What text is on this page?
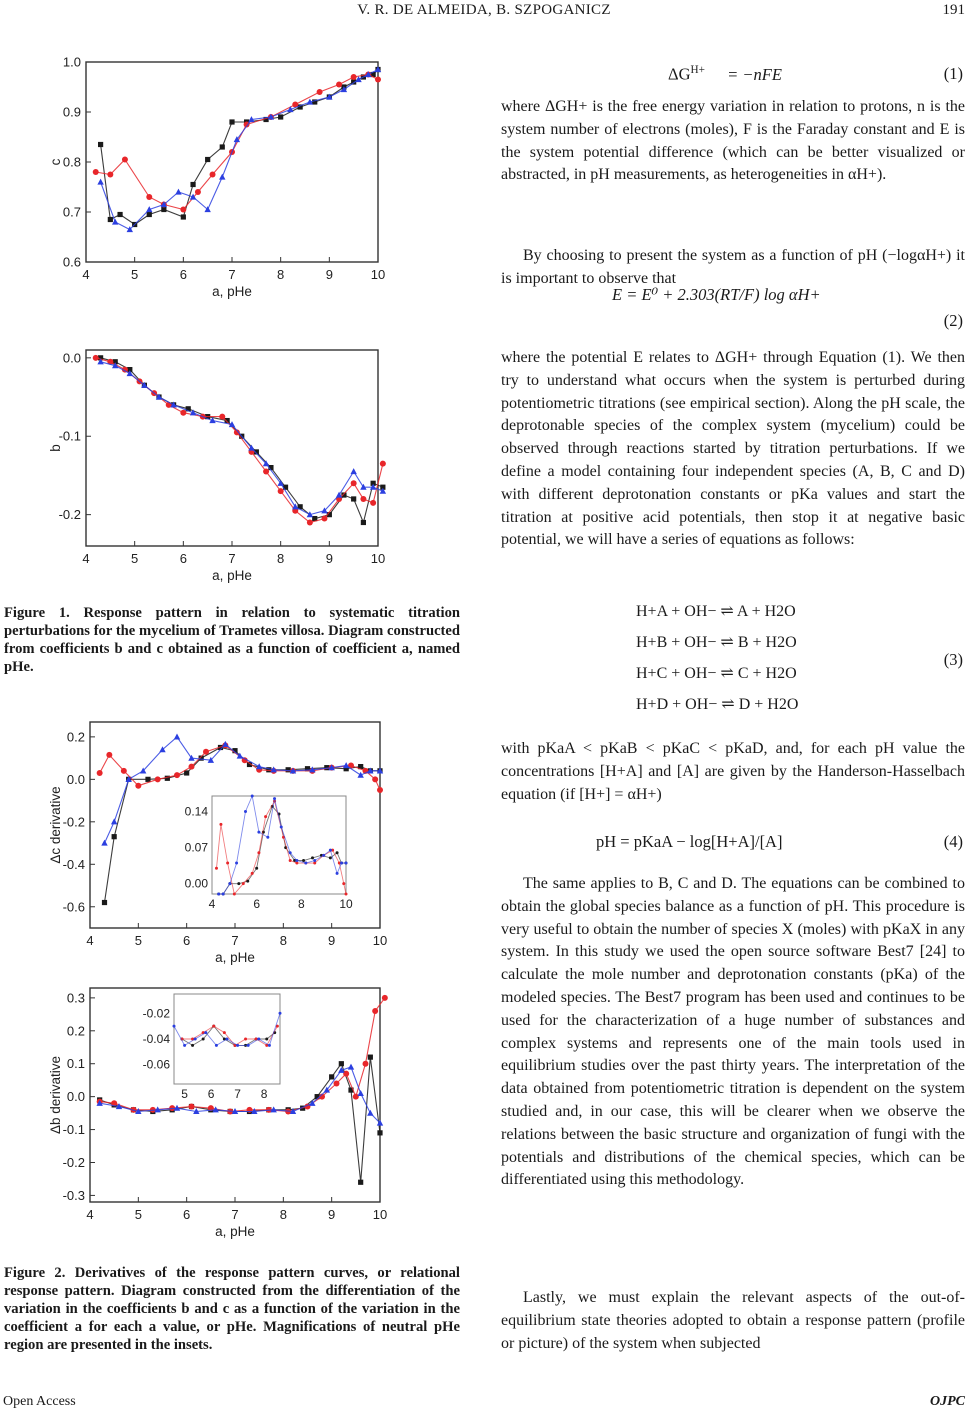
V. R. DE ALMEIDA, B. SZPOGANICZ	191
4	5	6	7	8	9	10
0.6
0.7
0.8
0.9
1.0
a, pHe
c
4	5	6	7	8	9	10
-0.2
-0.1
0.0
a, pHe
b
Figure 1. Response pattern in relation to systematic titration perturbations for the mycelium of Trametes villosa. Diagram constructed from coefficients b and c obtained as a function of coefficient a, named pHe.
4	5	6	7	8	9	10
-0.6
-0.4
-0.2
0.0
0.2
a, pHe
Δc derivative
4	6	8	10
0.00
0.07
0.14
4	5	6	7	8	9	10
-0.3
-0.2
-0.1
0.0
0.1
0.2
0.3
a, pHe
Δb derivative	5 6 7 8
-0.02
-0.04
-0.06
Figure 2. Derivatives of the response pattern curves, or relational response pattern. Diagram constructed from the differentiation of the variation in the coefficients b and c as a function of the variation in the coefficient a for each a value, or pHe. Magnifications of neutral pHe region are presented in the insets.
$\Delta G^{H+} = -nFE$	(1)

where ΔGH+ is the free energy variation in relation to protons, n is the system number of electrons (moles), F is the Faraday constant and E is the system potential difference (which can be better visualized or abstracted, in pH measurements, as heterogeneities in αH+).

By choosing to present the system as a function of pH (−logαH+) it is important to observe that

E = E⁰ + 2.303(RT/F) log αH+
(2)

where the potential E relates to ΔGH+ through Equation (1). We then try to understand what occurs when the system is perturbed during potentiometric titrations (see empirical section). Along the pH scale, the deprotonable species of the complex system (mycelium) could be observed through reactions started by titration perturbations. If we define a model containing four independent species (A, B, C and D) with different deprotonation constants or pKa values and start the titration at positive acid potentials, then stop it at negative basic potential, we will have a series of equations as follows:

H+A + OH− ⇌ A + H2O
H+B + OH− ⇌ B + H2O
H+C + OH− ⇌ C + H2O
H+D + OH− ⇌ D + H2O
(3)

with pKaA < pKaB < pKaC < pKaD, and, for each pH value the concentrations [H+A] and [A] are given by the Handerson-Hasselbach equation (if [H+] = αH+)

pH = pKaA − log[H+A]/[A]	(4)

The same applies to B, C and D. The equations can be combined to obtain the global species balance as a function of pH. This procedure is very useful to obtain the number of species X (moles) with pKaX in any system. In this study we used the open source software Best7 [24] to calculate the mole number and deprotonation constants (pKa) of the modeled species. The Best7 program has been used and continues to be used for the characterization of a huge number of substances and complex systems and represents one of the main tools used in equilibrium studies over the past thirty years. The interpretation of the data obtained from potentiometric titration is dependent on the system studied and, in our case, this will be clearer when we observe the relations between the basic structure and organization of fungi with the potentials and distributions of the chemical species, which can be differentiated using this methodology.

Lastly, we must explain the relevant aspects of the out-of-equilibrium state theories adopted to obtain a response pattern (profile or picture) of the system when subjected

Open Access	OJPC
